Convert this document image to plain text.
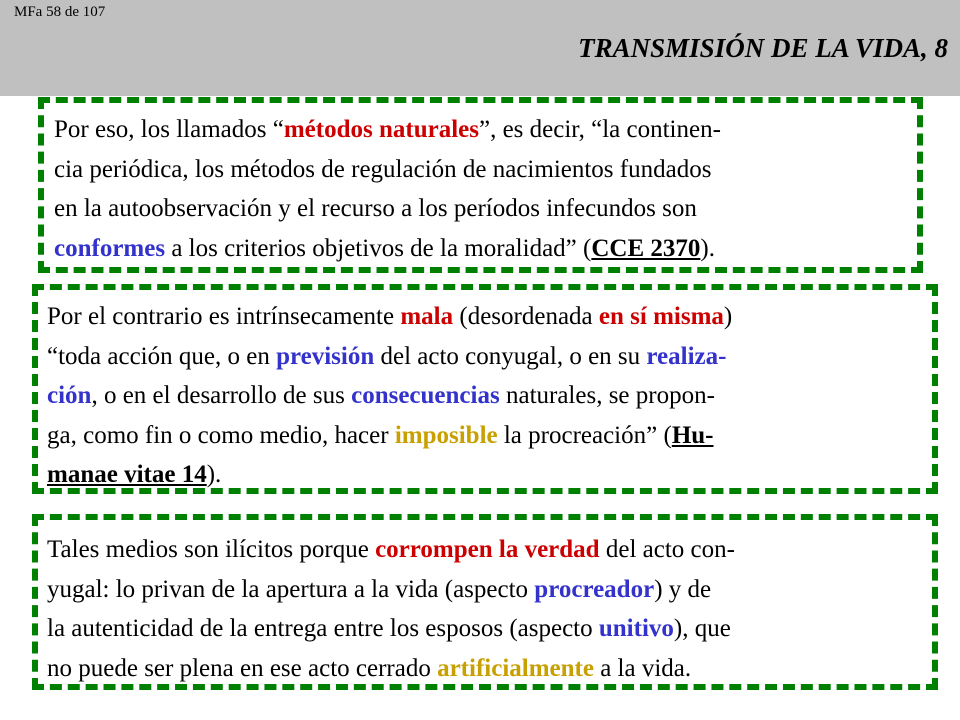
MFa 58 de 107
TRANSMISIÓN DE LA VIDA, 8
Por eso, los llamados “métodos naturales”, es decir, “la continen-
cia periódica, los métodos de regulación de nacimientos fundados
en la autoobservación y el recurso a los períodos infecundos son
conformes a los criterios objetivos de la moralidad” (CCE 2370).
Por el contrario es intrínsecamente mala (desordenada en sí misma)
“toda acción que, o en previsión del acto conyugal, o en su realiza-
ción, o en el desarrollo de sus consecuencias naturales, se propon-
ga, como fin o como medio, hacer imposible la procreación” (Hu-
manae vitae 14).
Tales medios son ilícitos porque corrompen la verdad del acto con-
yugal: lo privan de la apertura a la vida (aspecto procreador) y de
la autenticidad de la entrega entre los esposos (aspecto unitivo), que
no puede ser plena en ese acto cerrado artificialmente a la vida.
